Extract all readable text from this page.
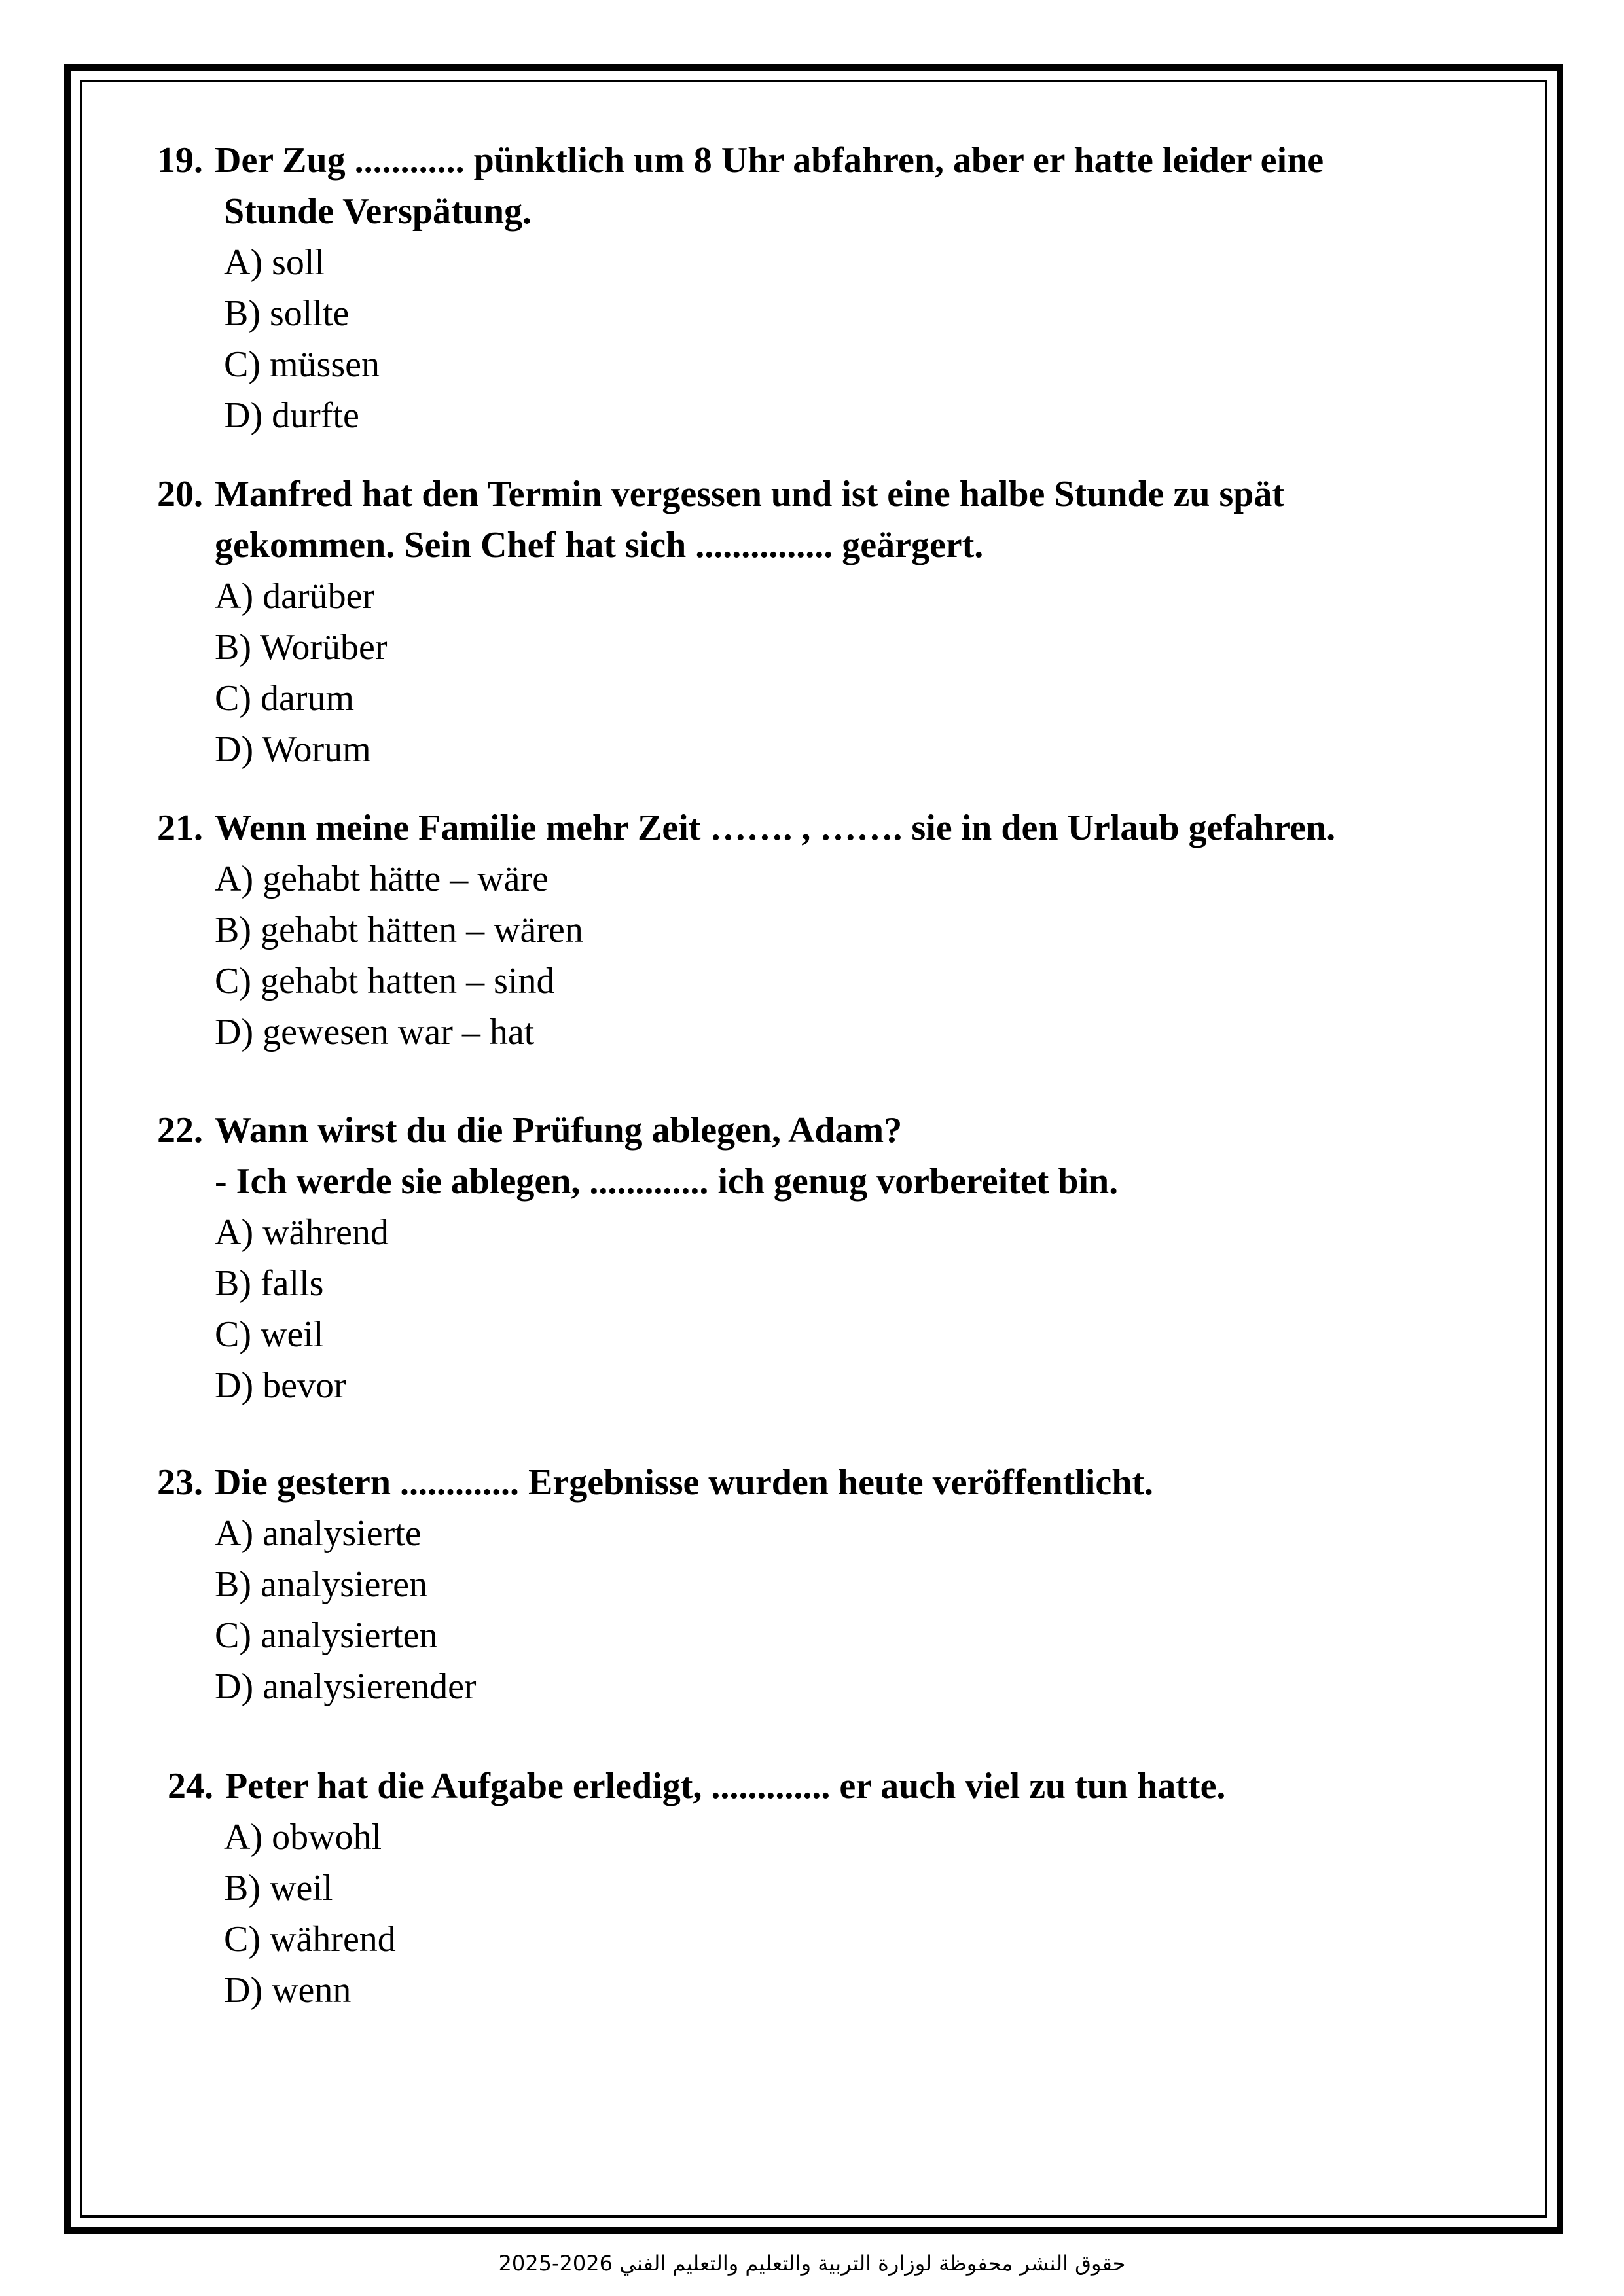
19. Der Zug ............ pünktlich um 8 Uhr abfahren, aber er hatte leider eine
Stunde Verspätung.
A) soll
B) sollte
C) müssen
D) durfte
20. Manfred hat den Termin vergessen und ist eine halbe Stunde zu spät
gekommen. Sein Chef hat sich ............... geärgert.
A) darüber
B) Worüber
C) darum
D) Worum
21. Wenn meine Familie mehr Zeit ……. , ……. sie in den Urlaub gefahren.
A) gehabt hätte – wäre
B) gehabt hätten – wären
C) gehabt hatten – sind
D) gewesen war – hat
22. Wann wirst du die Prüfung ablegen, Adam?
- Ich werde sie ablegen, ............. ich genug vorbereitet bin.
A) während
B) falls
C) weil
D) bevor
23. Die gestern ............. Ergebnisse wurden heute veröffentlicht.
A) analysierte
B) analysieren
C) analysierten
D) analysierender
24. Peter hat die Aufgabe erledigt, ............. er auch viel zu tun hatte.
A) obwohl
B) weil
C) während
D) wenn
حقوق النشر محفوظة لوزارة التربية والتعليم والتعليم الفني 2026-2025
